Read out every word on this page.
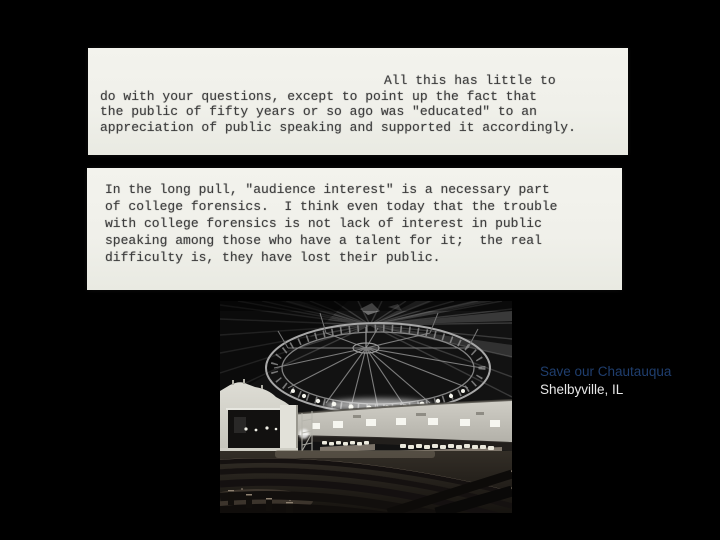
All this has little to
do with your questions, except to point up the fact that
the public of fifty years or so ago was "educated" to an
appreciation of public speaking and supported it accordingly.
In the long pull, "audience interest" is a necessary part
of college forensics.  I think even today that the trouble
with college forensics is not lack of interest in public
speaking among those who have a talent for it;  the real
difficulty is, they have lost their public.
Save our Chautauqua
Shelbyville, IL
